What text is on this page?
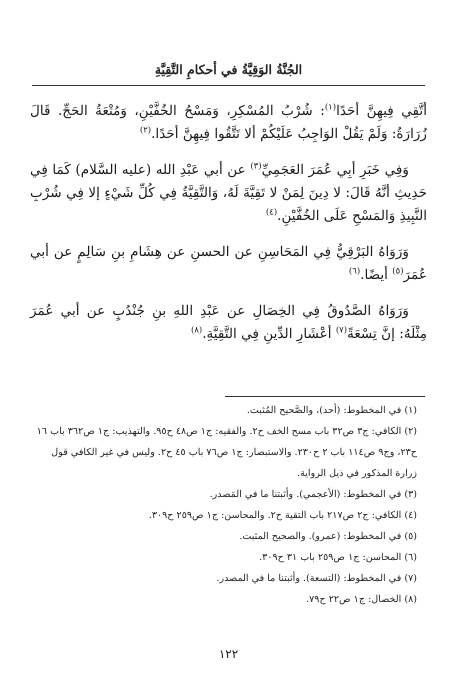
الجُنَّةُ الوَقِيَّةُ في أحكامِ التَّقِيَّةِ

أتَّقِي فِيهِنَّ أحَدًا$^{(١)}$: شُرْبُ المُسْكِرِ، وَمَسْحُ الخُفَّيْنِ، وَمُتْعَةُ الحَجِّ. قَالَ زُرَارَةُ: وَلَمْ يَقُلْ الوَاجِبُ عَلَيْكُمْ ألا تَتَّقُوا فِيهِنَّ أحَدًا.$^{(٢)}$

وَفِي خَبَرِ أبِي عُمَرَ العَجَمِيِّ$^{(٣)}$ عن أبي عَبْدِ الله (عليه السَّلام) كَمَا فِي حَدِيثِ أنَّهُ قَالَ: لا دِينَ لِمَنْ لا تَقِيَّةَ لَهُ، وَالتَّقِيَّةُ فِي كُلِّ شَيْءٍ إلا فِي شُرْبِ النَّبِيذِ وَالمَسْحِ عَلَى الخُفَّيْنِ.$^{(٤)}$

وَرَوَاهُ البَرْقِيُّ فِي المَحَاسِنِ عن الحسنِ عن هِشَامِ بنِ سَالِمٍ عن أبي عُمَرَ$^{(٥)}$ أيضًا.$^{(٦)}$

وَرَوَاهُ الصَّدُوقُ فِي الخِصَالِ عن عَبْدِ اللهِ بنِ جُنْدُبٍ عن أبي عُمَرَ مِثْلَهُ: إنَّ تِسْعَةً$^{(٧)}$ أعْشَارِ الدِّينِ فِي التَّقِيَّةِ.$^{(٨)}$

(١) في المخطوط: (أحد)، والصَّحيح المُثبت.

(٢) الكافي: ج٣ ص٣٢ باب مسح الخف ح٢. والفقيه: ج١ ص٤٨ ح٩٥. والتهذيب: ج١ ص٣٦٢ باب ١٦ ح٢٣، وج٩ ص١١٤ باب ٢ ح٢٣٠. والاستبصار: ج١ ص٧٦ باب ٤٥ ح٢. وليس في غير الكافي قول زرارة المذكور في ذيل الرواية.

(٣) في المخطوط: (الأعجمي). وأثبتنا ما في المَصدر.

(٤) الكافي: ج٢ ص٢١٧ باب التقية ح٢. والمحاسن: ج١ ص٢٥٩ ح٣٠٩.

(٥) في المخطوط: (عمرو). والصحيح المثبت.

(٦) المحاسن: ج١ ص٢٥٩ باب ٣١ ح٣٠٩.

(٧) في المخطوط: (التسعة). وأثبتنا ما في المصدر.

(٨) الخصال: ج١ ص٢٢ ح٧٩.

١٢٢
